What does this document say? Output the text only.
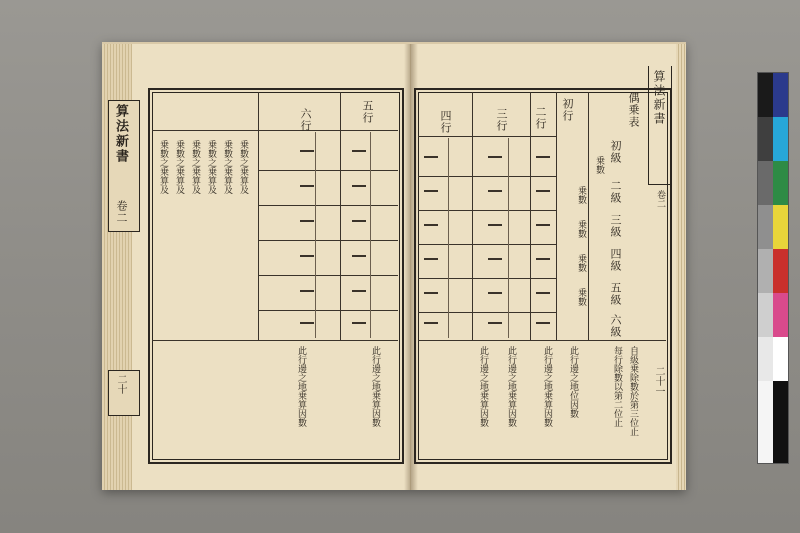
算法新書
卷二
二十
算法新書
卷二
二十一
五行
六行
乗數之乗算及
乗數之乗算及
乗數之乗算及
乗數之乗算及
乗數之乗算及
乗數之乗算及
此行邊之地乗算因數
此行邊之地乗算因數
初行
二行
三行
四行	偶乗表
初級
二級
三級
四級
五級
六級
乗數
乗數
乗數
乗數
乗數
自級乗除數於第三位止
每行除數以第二位止
此行邊之地位因數
此行邊之地乗算因數
此行邊之地乗算因數
此行邊之地乗算因數
